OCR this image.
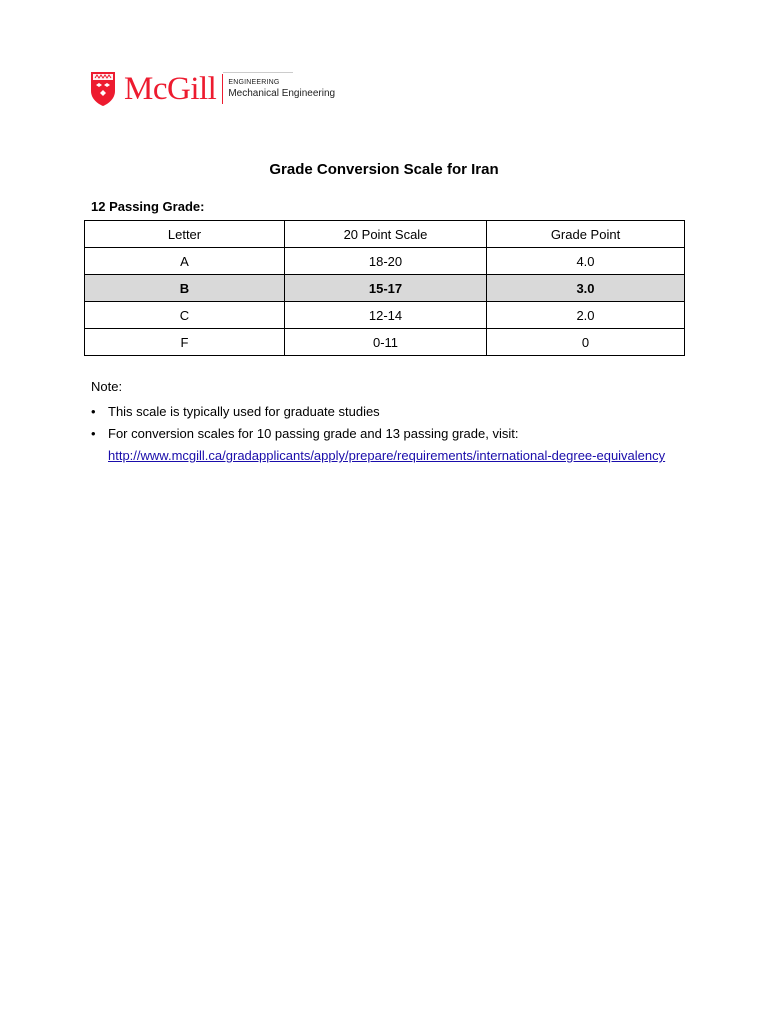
McGill ENGINEERING
Mechanical Engineering
Grade Conversion Scale for Iran
12 Passing Grade:
Letter	20 Point Scale	Grade Point
A	18-20	4.0
B	15-17	3.0
C	12-14	2.0
F	0-11	0
Note:
• This scale is typically used for graduate studies
• For conversion scales for 10 passing grade and 13 passing grade, visit:
http://www.mcgill.ca/gradapplicants/apply/prepare/requirements/international-degree-equivalency
